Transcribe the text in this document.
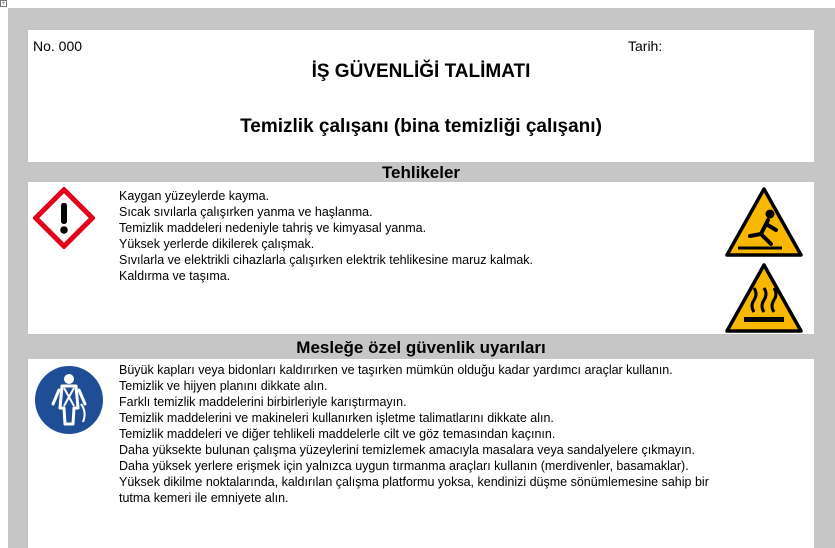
+
No. 000	Tarih:
İŞ GÜVENLİĞİ TALİMATI
Temizlik çalışanı (bina temizliği çalışanı)
Tehlikeler
Kaygan yüzeylerde kayma.
Sıcak sıvılarla çalışırken yanma ve haşlanma.
Temizlik maddeleri nedeniyle tahriş ve kimyasal yanma.
Yüksek yerlerde dikilerek çalışmak.
Sıvılarla ve elektrikli cihazlarla çalışırken elektrik tehlikesine maruz kalmak.
Kaldırma ve taşıma.
Mesleğe özel güvenlik uyarıları
Büyük kapları veya bidonları kaldırırken ve taşırken mümkün olduğu kadar yardımcı araçlar kullanın.
Temizlik ve hijyen planını dikkate alın.
Farklı temizlik maddelerini birbirleriyle karıştırmayın.
Temizlik maddelerini ve makineleri kullanırken işletme talimatlarını dikkate alın.
Temizlik maddeleri ve diğer tehlikeli maddelerle cilt ve göz temasından kaçının.
Daha yüksekte bulunan çalışma yüzeylerini temizlemek amacıyla masalara veya sandalyelere çıkmayın.
Daha yüksek yerlere erişmek için yalnızca uygun tırmanma araçları kullanın (merdivenler, basamaklar).
Yüksek dikilme noktalarında, kaldırılan çalışma platformu yoksa, kendinizi düşme sönümlemesine sahip bir tutma kemeri ile emniyete alın.
